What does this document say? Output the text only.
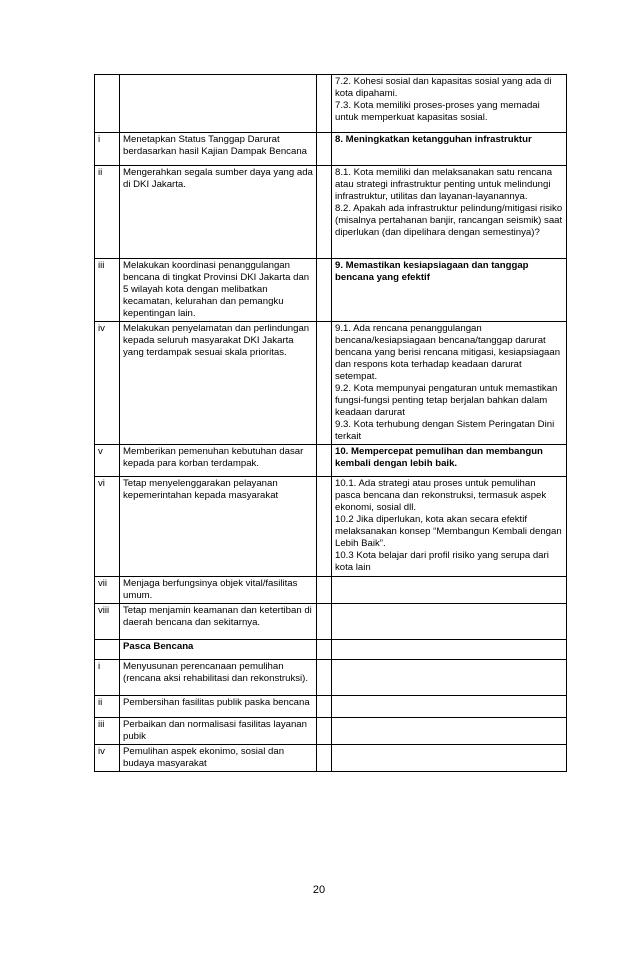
			7.2. Kohesi sosial dan kapasitas sosial yang ada di kota dipahami.
7.3. Kota memiliki proses-proses yang memadai untuk memperkuat kapasitas sosial.

i	Menetapkan Status Tanggap Darurat berdasarkan hasil Kajian Dampak Bencana		8. Meningkatkan ketangguhan infrastruktur

ii	Mengerahkan segala sumber daya yang ada di DKI Jakarta.		8.1. Kota memiliki dan melaksanakan satu rencana atau strategi infrastruktur penting untuk melindungi infrastruktur, utilitas dan layanan-layanannya.
8.2. Apakah ada infrastruktur pelindung/mitigasi risiko (misalnya pertahanan banjir, rancangan seismik) saat diperlukan (dan dipelihara dengan semestinya)?

iii	Melakukan koordinasi penanggulangan bencana di tingkat Provinsi DKI Jakarta dan 5 wilayah kota dengan melibatkan kecamatan, kelurahan dan pemangku kepentingan lain.		9. Memastikan kesiapsiagaan dan tanggap bencana yang efektif

iv	Melakukan penyelamatan dan perlindungan kepada seluruh masyarakat DKI Jakarta yang terdampak sesuai skala prioritas.		9.1. Ada rencana penanggulangan bencana/kesiapsiagaan bencana/tanggap darurat bencana yang berisi rencana mitigasi, kesiapsiagaan dan respons kota terhadap keadaan darurat setempat.
9.2. Kota mempunyai pengaturan untuk memastikan fungsi-fungsi penting tetap berjalan bahkan dalam keadaan darurat
9.3. Kota terhubung dengan Sistem Peringatan Dini terkait

v	Memberikan pemenuhan kebutuhan dasar kepada para korban terdampak.		10. Mempercepat pemulihan dan membangun kembali dengan lebih baik.

vi	Tetap menyelenggarakan pelayanan kepemerintahan kepada masyarakat		10.1. Ada strategi atau proses untuk pemulihan pasca bencana dan rekonstruksi, termasuk aspek ekonomi, sosial dll.
10.2 Jika diperlukan, kota akan secara efektif melaksanakan konsep “Membangun Kembali dengan Lebih Baik”.
10.3 Kota belajar dari profil risiko yang serupa dari kota lain

vii	Menjaga berfungsinya objek vital/fasilitas umum.		

viii	Tetap menjamin keamanan dan ketertiban di daerah bencana dan sekitarnya.		

	Pasca Bencana		

i	Menyusunan perencanaan pemulihan (rencana aksi rehabilitasi dan rekonstruksi).		

ii	Pembersihan fasilitas publik paska bencana		

iii	Perbaikan dan normalisasi fasilitas layanan pubik		

iv	Pemulihan aspek ekonimo, sosial dan budaya masyarakat		

20
